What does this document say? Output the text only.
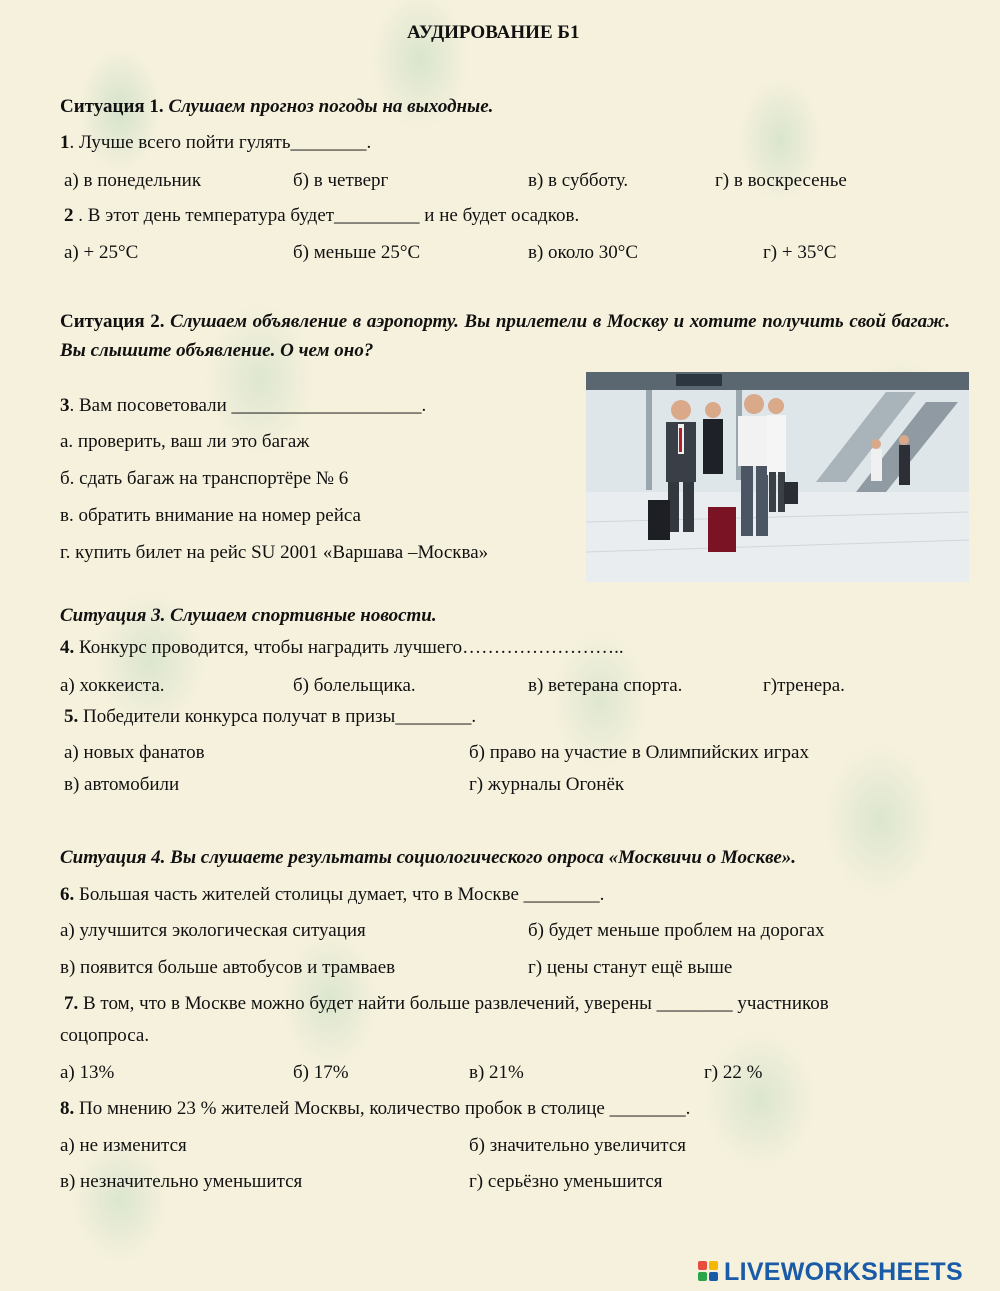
АУДИРОВАНИЕ Б1
Ситуация 1. Слушаем прогноз погоды на выходные.
1. Лучше всего пойти гулять________.
а) в понедельник	б) в четверг	в) в субботу.	г) в воскресенье
2 . В этот день температура будет_________ и не будет осадков.
а) + 25°С	б) меньше 25°С	в) около 30°С	г) + 35°С
Ситуация 2. Слушаем объявление в аэропорту. Вы прилетели в Москву и хотите получить свой багаж. Вы слышите объявление. О чем оно?
3. Вам посоветовали ____________________.
а. проверить, ваш ли это багаж
б. сдать багаж на транспортёре № 6
в. обратить внимание на номер рейса
г. купить билет на рейс SU 2001 «Варшава –Москва»
Ситуация 3. Слушаем спортивные новости.
4. Конкурс проводится, чтобы наградить лучшего……………………..
а) хоккеиста.	б) болельщика.	в) ветерана спорта.	г)тренера.
5. Победители конкурса получат в призы________.
а) новых фанатов	б) право на участие в Олимпийских играх
в) автомобили	г) журналы Огонёк
Ситуация 4. Вы слушаете результаты социологического опроса «Москвичи о Москве».
6. Большая часть жителей столицы думает, что в Москве ________.
а) улучшится экологическая ситуация	б) будет меньше проблем на дорогах
в) появится больше автобусов и трамваев	г) цены станут ещё выше
7. В том, что в Москве можно будет найти больше развлечений, уверены ________ участников
соцопроса.
а) 13%	б) 17%	в) 21%	г) 22 %
8. По мнению 23 % жителей Москвы, количество пробок в столице ________.
а) не изменится	б) значительно увеличится
в) незначительно уменьшится	г) серьёзно уменьшится
LIVEWORKSHEETS
